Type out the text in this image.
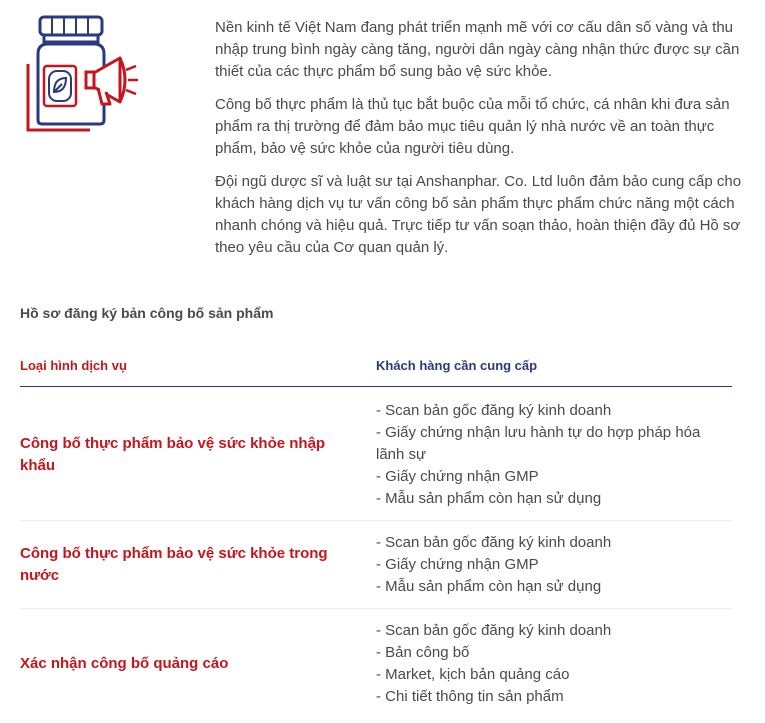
Nền kinh tế Việt Nam đang phát triển mạnh mẽ với cơ cấu dân số vàng và thu nhập trung bình ngày càng tăng, người dân ngày càng nhận thức được sự cần thiết của các thực phẩm bổ sung bảo vệ sức khỏe.

Công bố thực phẩm là thủ tục bắt buộc của mỗi tổ chức, cá nhân khi đưa sản phẩm ra thị trường để đảm bảo mục tiêu quản lý nhà nước về an toàn thực phẩm, bảo vệ sức khỏe của người tiêu dùng.

Đội ngũ dược sĩ và luật sư tại Anshanphar. Co. Ltd luôn đảm bảo cung cấp cho khách hàng dịch vụ tư vấn công bố sản phẩm thực phẩm chức năng một cách nhanh chóng và hiệu quả. Trực tiếp tư vấn soạn thảo, hoàn thiện đầy đủ Hồ sơ theo yêu cầu của Cơ quan quản lý.

Hồ sơ đăng ký bản công bố sản phẩm
Loại hình dịch vụ	Khách hàng cần cung cấp
Công bố thực phẩm bảo vệ sức khỏe nhập khẩu
- Scan bản gốc đăng ký kinh doanh
- Giấy chứng nhận lưu hành tự do hợp pháp hóa lãnh sự
- Giấy chứng nhận GMP
- Mẫu sản phẩm còn hạn sử dụng
Công bố thực phẩm bảo vệ sức khỏe trong nước
- Scan bản gốc đăng ký kinh doanh
- Giấy chứng nhận GMP
- Mẫu sản phẩm còn hạn sử dụng
Xác nhận công bố quảng cáo
- Scan bản gốc đăng ký kinh doanh
- Bản công bố
- Market, kịch bản quảng cáo
- Chi tiết thông tin sản phẩm
